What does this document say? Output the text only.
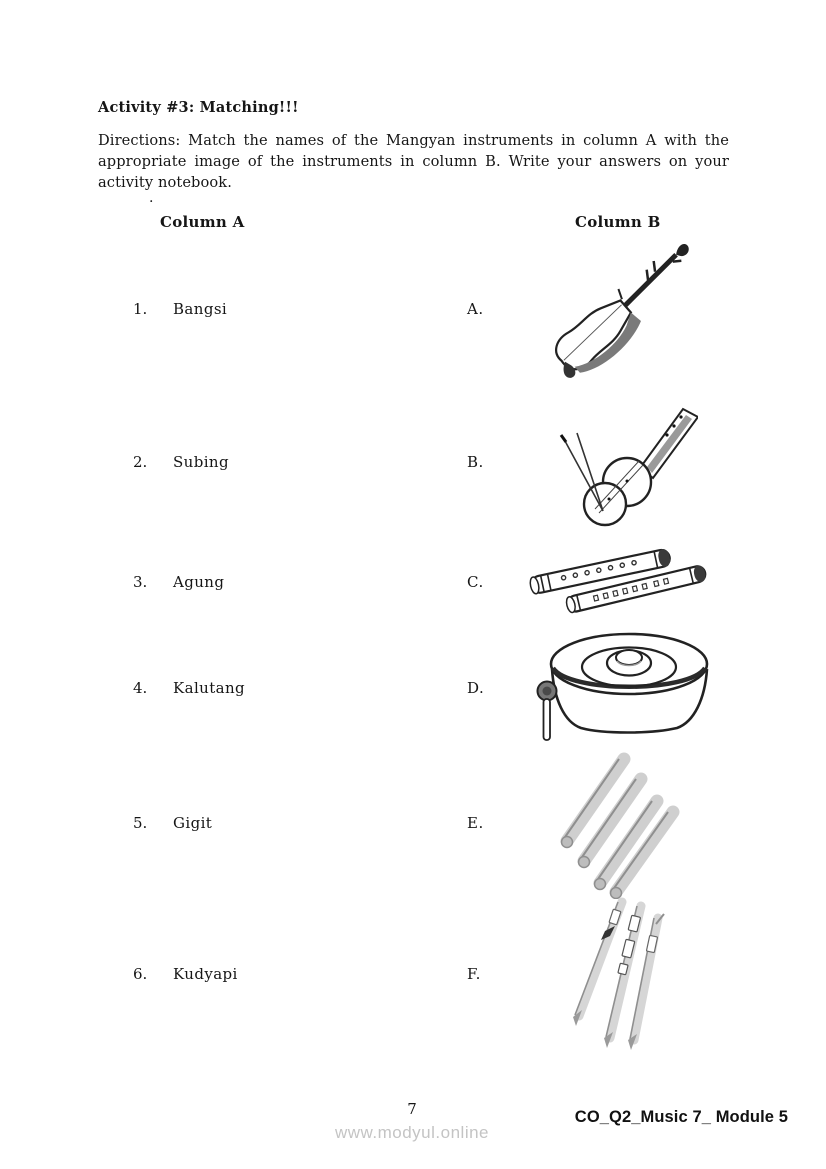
Activity #3: Matching!!!
Directions: Match the names of the Mangyan instruments in column A with the
appropriate image of the instruments in column B. Write your answers on your
activity notebook.
.
Column A	Column B
1. Bangsi
2. Subing
3. Agung
4. Kalutang
5. Gigit
6. Kudyapi
A.
B.
C.
D.
E.
F.
7
www.modyul.online
CO_Q2_Music 7_ Module 5
